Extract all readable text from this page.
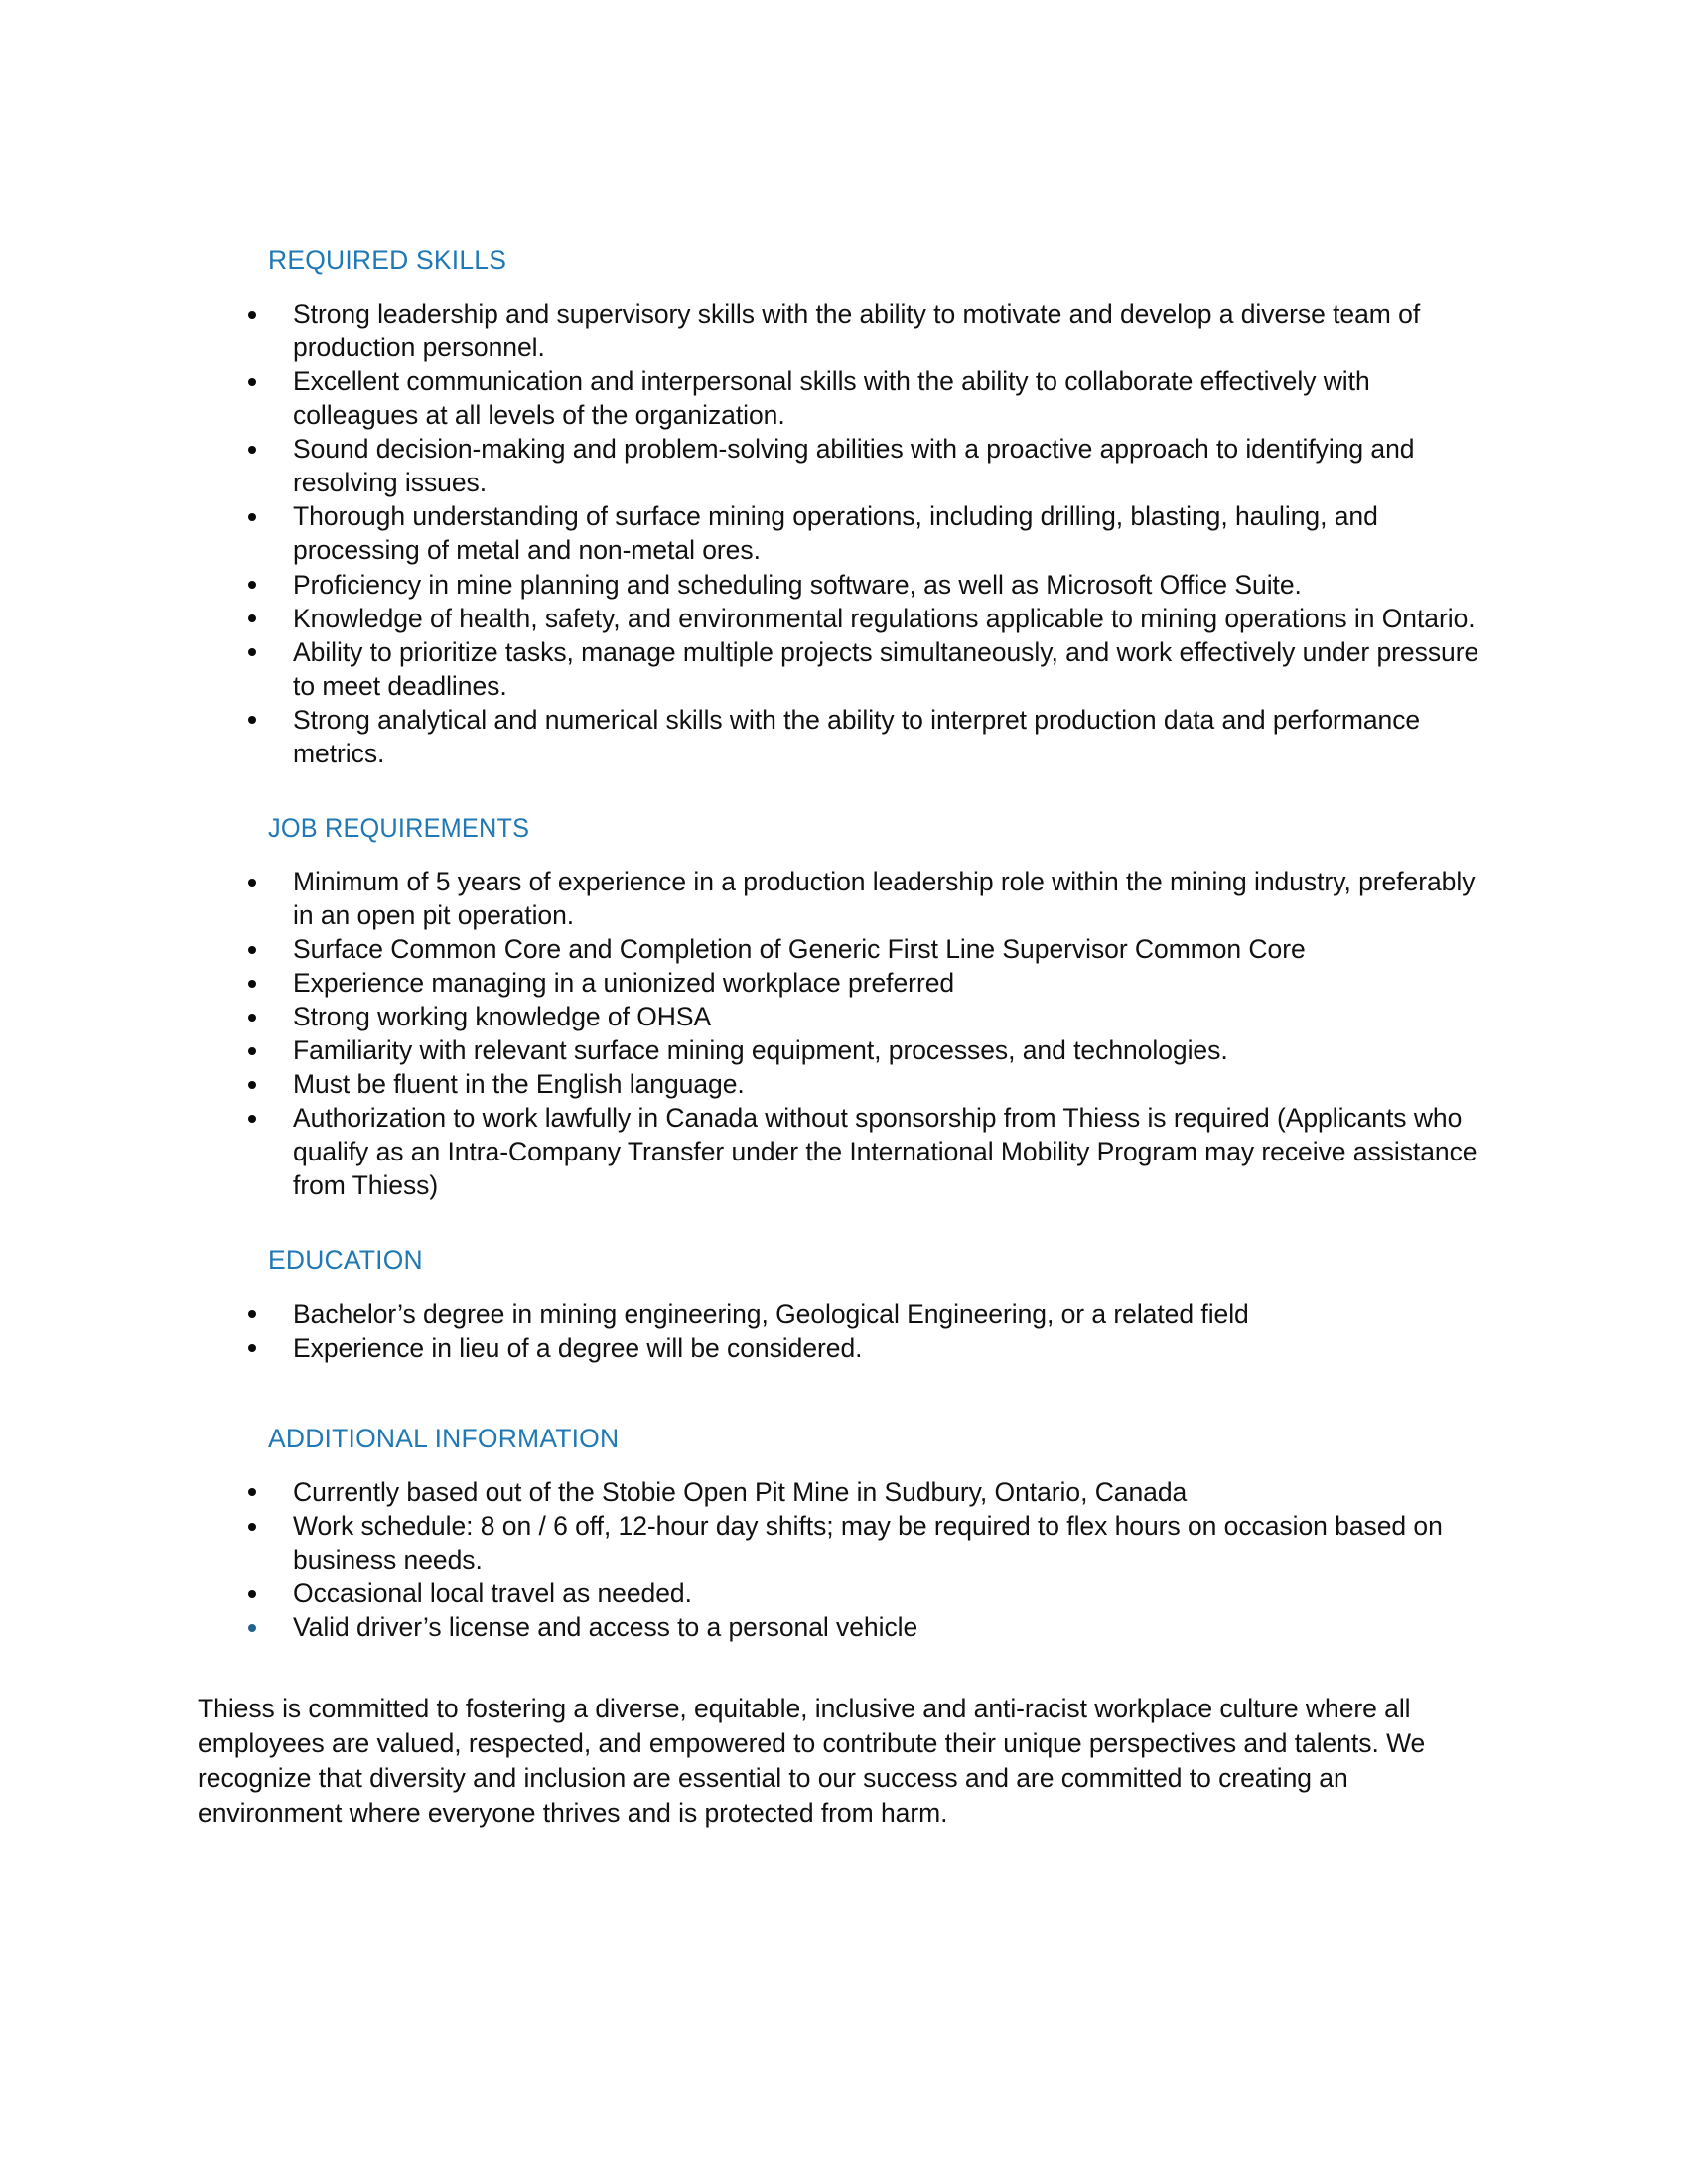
REQUIRED SKILLS
Strong leadership and supervisory skills with the ability to motivate and develop a diverse team of production personnel.
Excellent communication and interpersonal skills with the ability to collaborate effectively with colleagues at all levels of the organization.
Sound decision-making and problem-solving abilities with a proactive approach to identifying and resolving issues.
Thorough understanding of surface mining operations, including drilling, blasting, hauling, and processing of metal and non-metal ores.
Proficiency in mine planning and scheduling software, as well as Microsoft Office Suite.
Knowledge of health, safety, and environmental regulations applicable to mining operations in Ontario.
Ability to prioritize tasks, manage multiple projects simultaneously, and work effectively under pressure to meet deadlines.
Strong analytical and numerical skills with the ability to interpret production data and performance metrics.
JOB REQUIREMENTS
Minimum of 5 years of experience in a production leadership role within the mining industry, preferably in an open pit operation.
Surface Common Core and Completion of Generic First Line Supervisor Common Core
Experience managing in a unionized workplace preferred
Strong working knowledge of OHSA
Familiarity with relevant surface mining equipment, processes, and technologies.
Must be fluent in the English language.
Authorization to work lawfully in Canada without sponsorship from Thiess is required (Applicants who qualify as an Intra-Company Transfer under the International Mobility Program may receive assistance from Thiess)
EDUCATION
Bachelor’s degree in mining engineering, Geological Engineering, or a related field
Experience in lieu of a degree will be considered.
ADDITIONAL INFORMATION
Currently based out of the Stobie Open Pit Mine in Sudbury, Ontario, Canada
Work schedule: 8 on / 6 off, 12-hour day shifts; may be required to flex hours on occasion based on business needs.
Occasional local travel as needed.
Valid driver’s license and access to a personal vehicle

Thiess is committed to fostering a diverse, equitable, inclusive and anti-racist workplace culture where all employees are valued, respected, and empowered to contribute their unique perspectives and talents. We recognize that diversity and inclusion are essential to our success and are committed to creating an environment where everyone thrives and is protected from harm.
